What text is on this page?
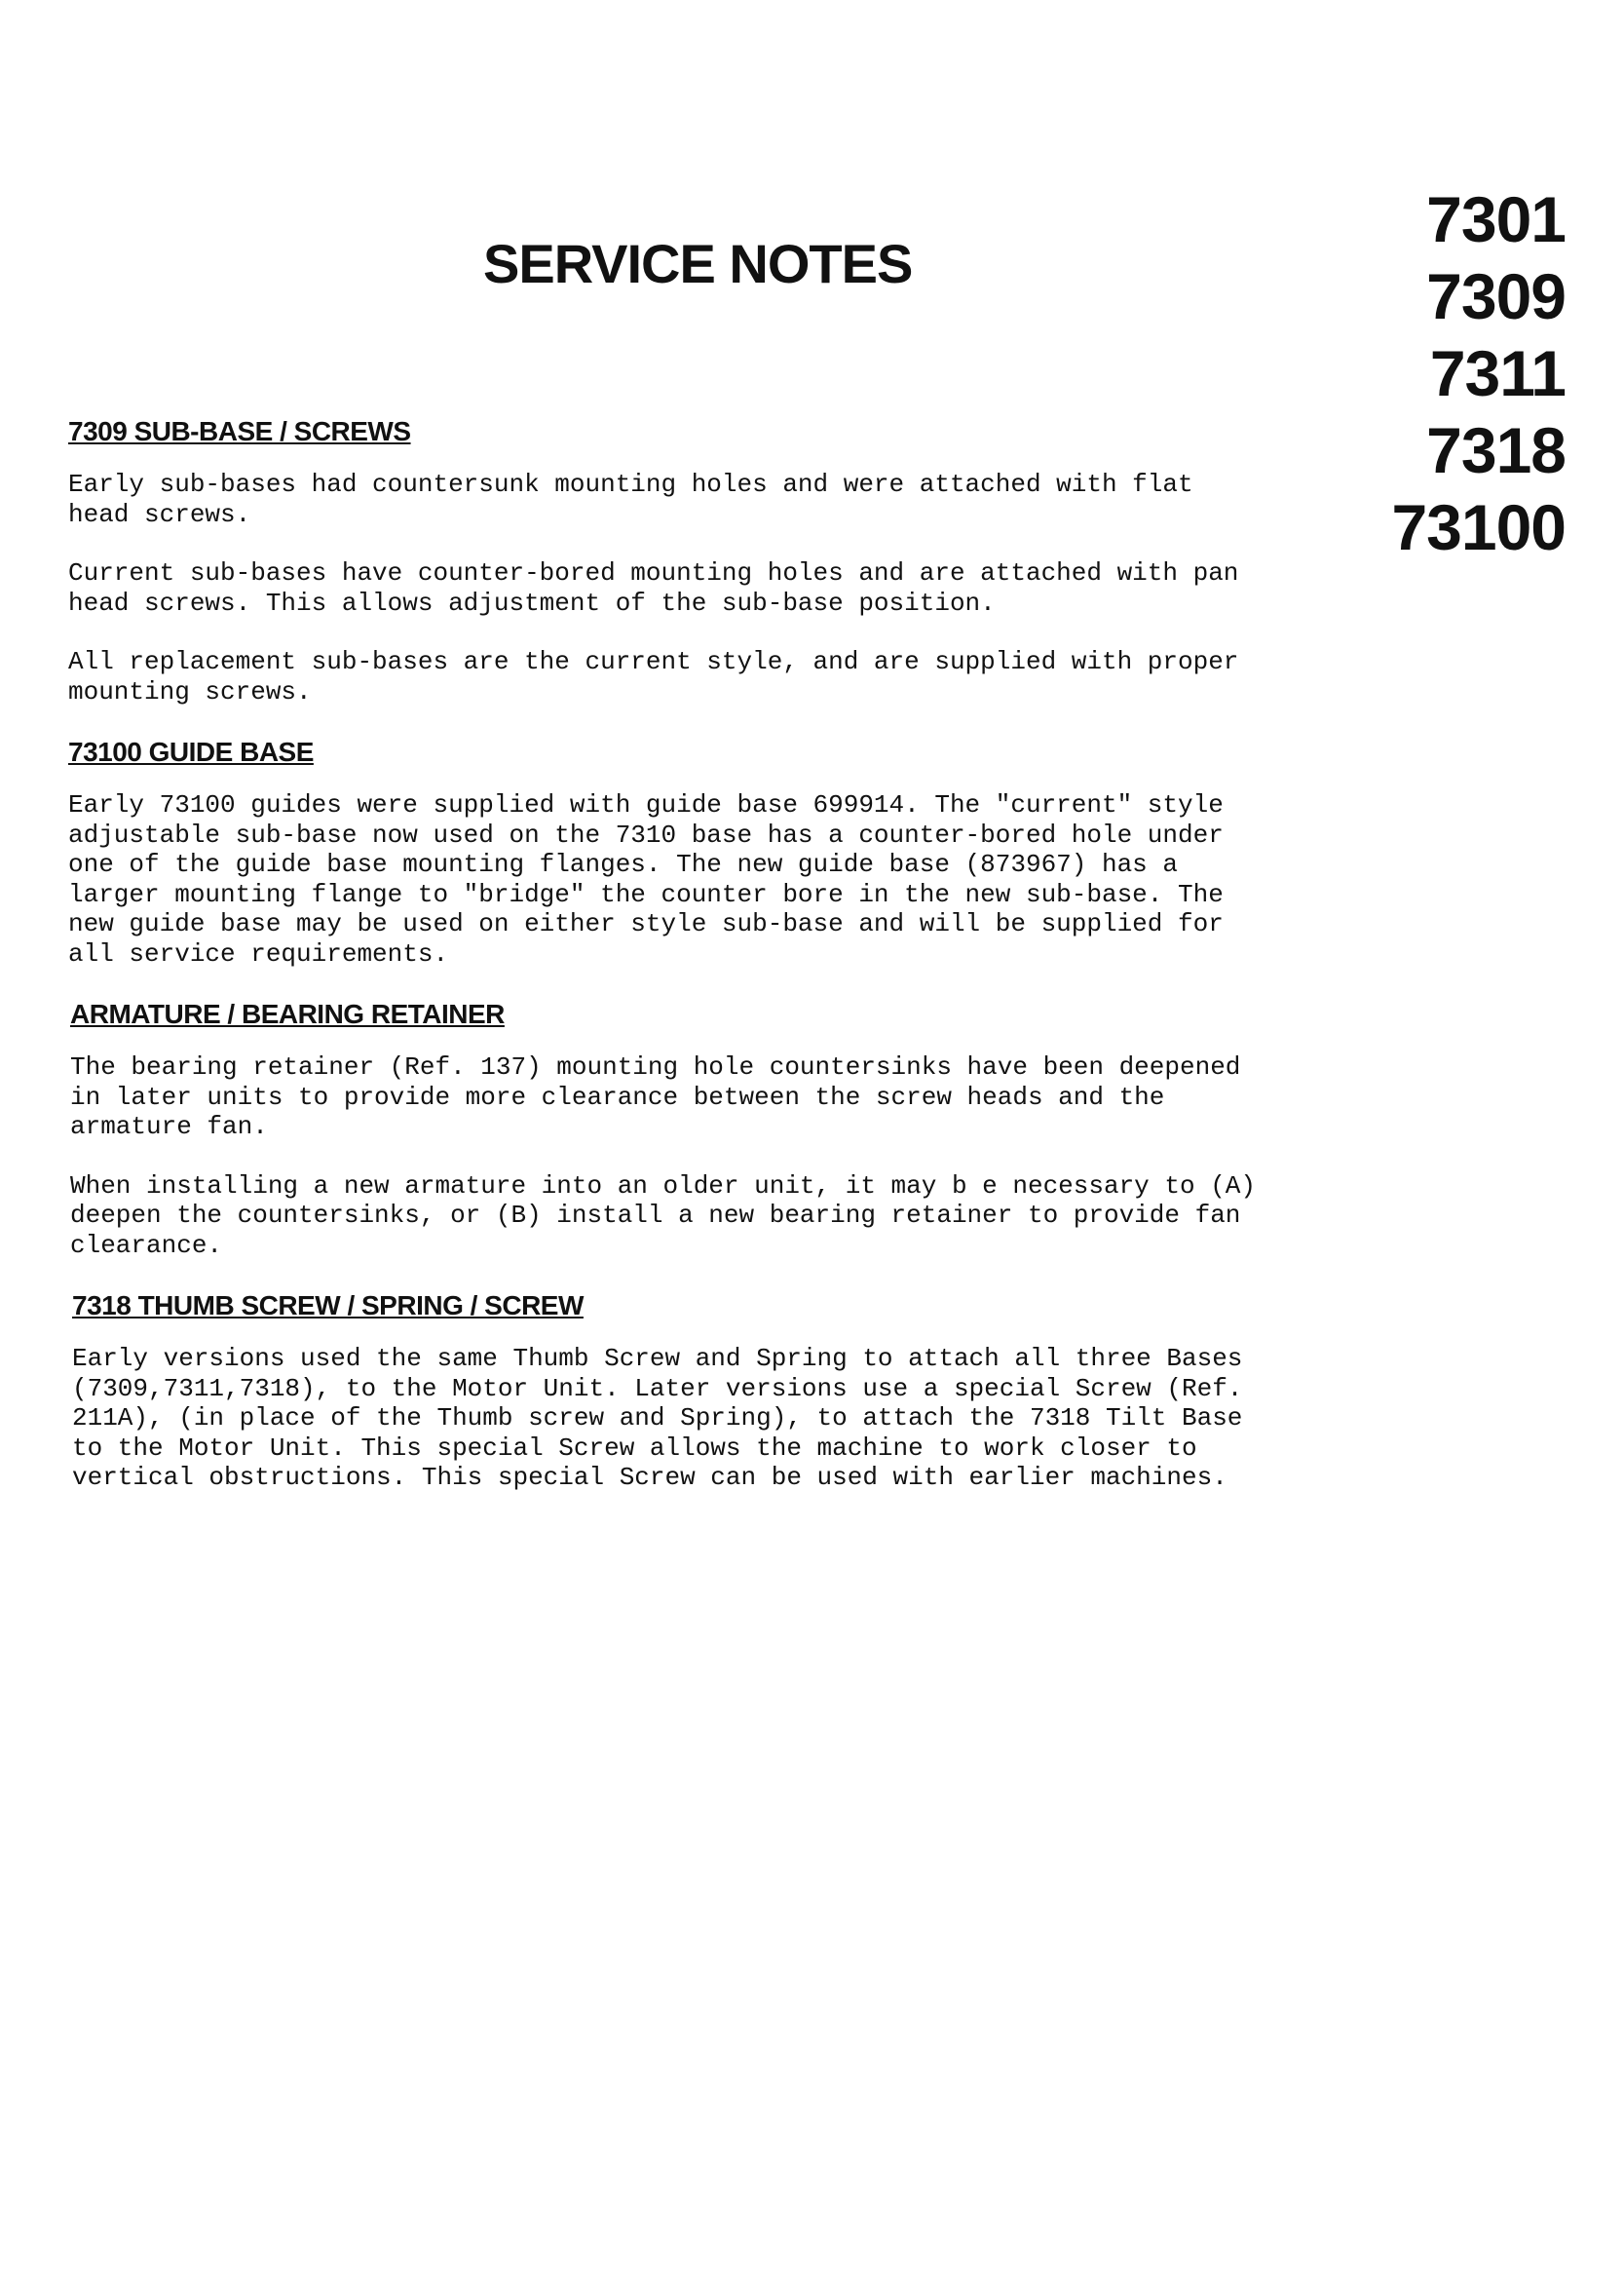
SERVICE NOTES
7301
7309
7311
7318
73100
7309 SUB-BASE / SCREWS
Early sub-bases had countersunk mounting holes and were attached with flat
head screws.
Current sub-bases have counter-bored mounting holes and are attached with pan
head screws. This allows adjustment of the sub-base position.
All replacement sub-bases are the current style, and are supplied with proper
mounting screws.
73100 GUIDE BASE
Early 73100 guides were supplied with guide base 699914. The "current" style
adjustable sub-base now used on the 7310 base has a counter-bored hole under
one of the guide base mounting flanges. The new guide base (873967) has a
larger mounting flange to "bridge" the counter bore in the new sub-base. The
new guide base may be used on either style sub-base and will be supplied for
all service requirements.
ARMATURE / BEARING RETAINER
The bearing retainer (Ref. 137) mounting hole countersinks have been deepened
in later units to provide more clearance between the screw heads and the
armature fan.
When installing a new armature into an older unit, it may b e necessary to (A)
deepen the countersinks, or (B) install a new bearing retainer to provide fan
clearance.
7318 THUMB SCREW / SPRING / SCREW
Early versions used the same Thumb Screw and Spring to attach all three Bases
(7309,7311,7318), to the Motor Unit. Later versions use a special Screw (Ref.
211A), (in place of the Thumb screw and Spring), to attach the 7318 Tilt Base
to the Motor Unit. This special Screw allows the machine to work closer to
vertical obstructions. This special Screw can be used with earlier machines.
